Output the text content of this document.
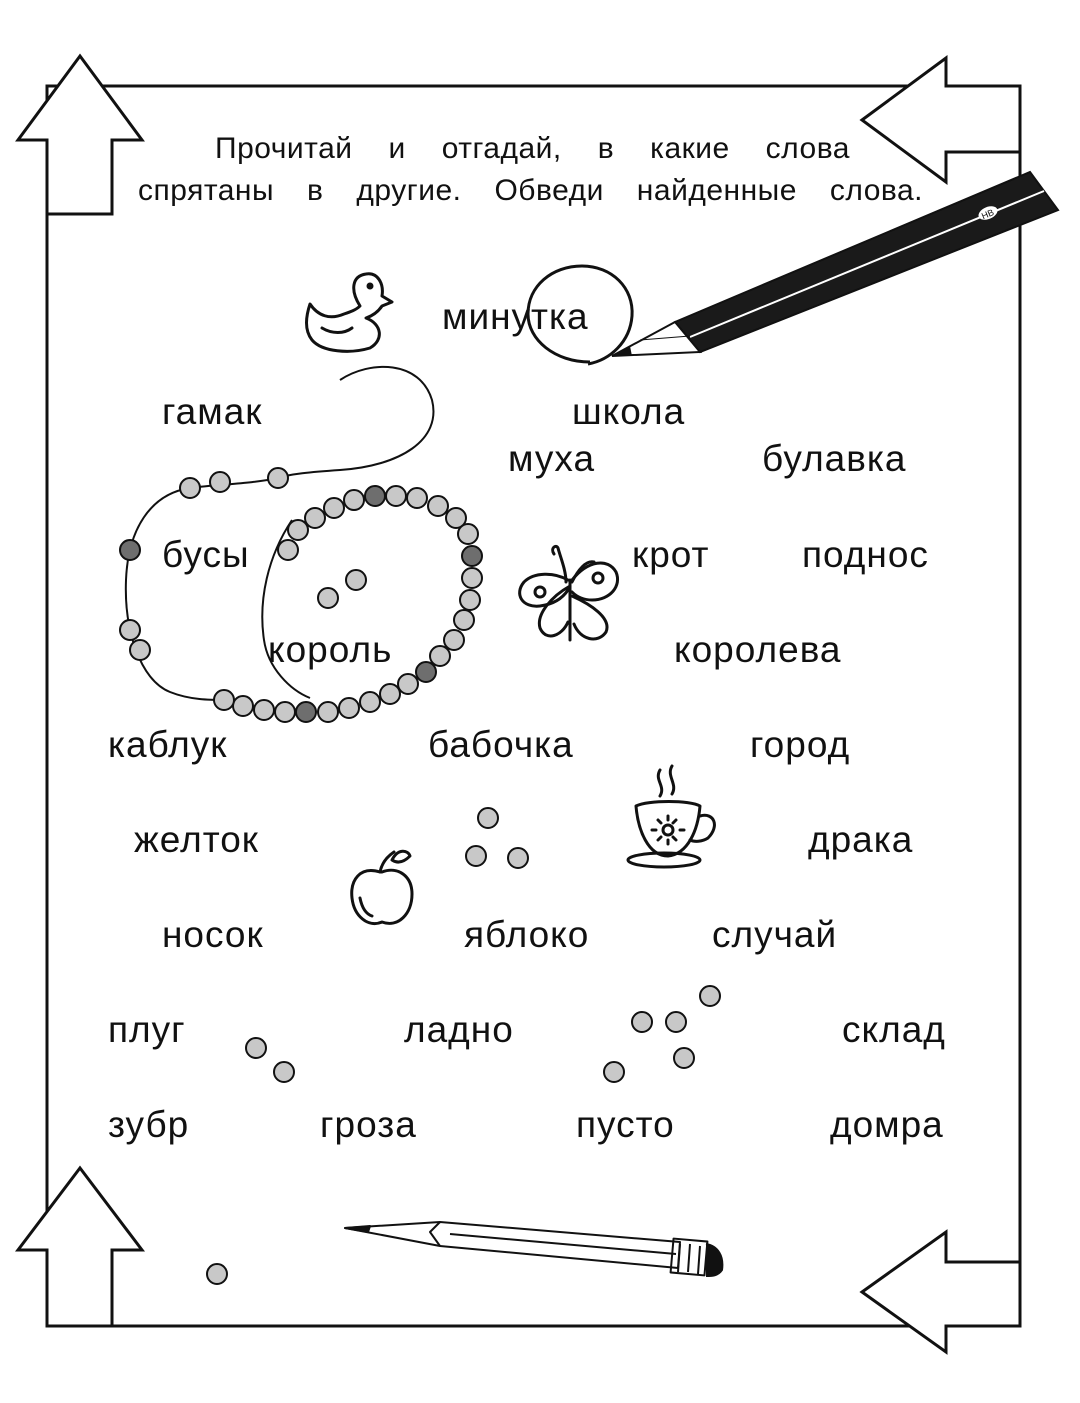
HB
Прочитай и отгадай, в какие слова
спрятаны в другие. Обведи найденные слова.
минутка
гамак	школа
муха	булавка
бусы	крот	поднос
король	королева
каблук	бабочка	город
желток	драка
носок	яблоко	случай
плуг	ладно	склад
зубр	гроза	пусто	домра
